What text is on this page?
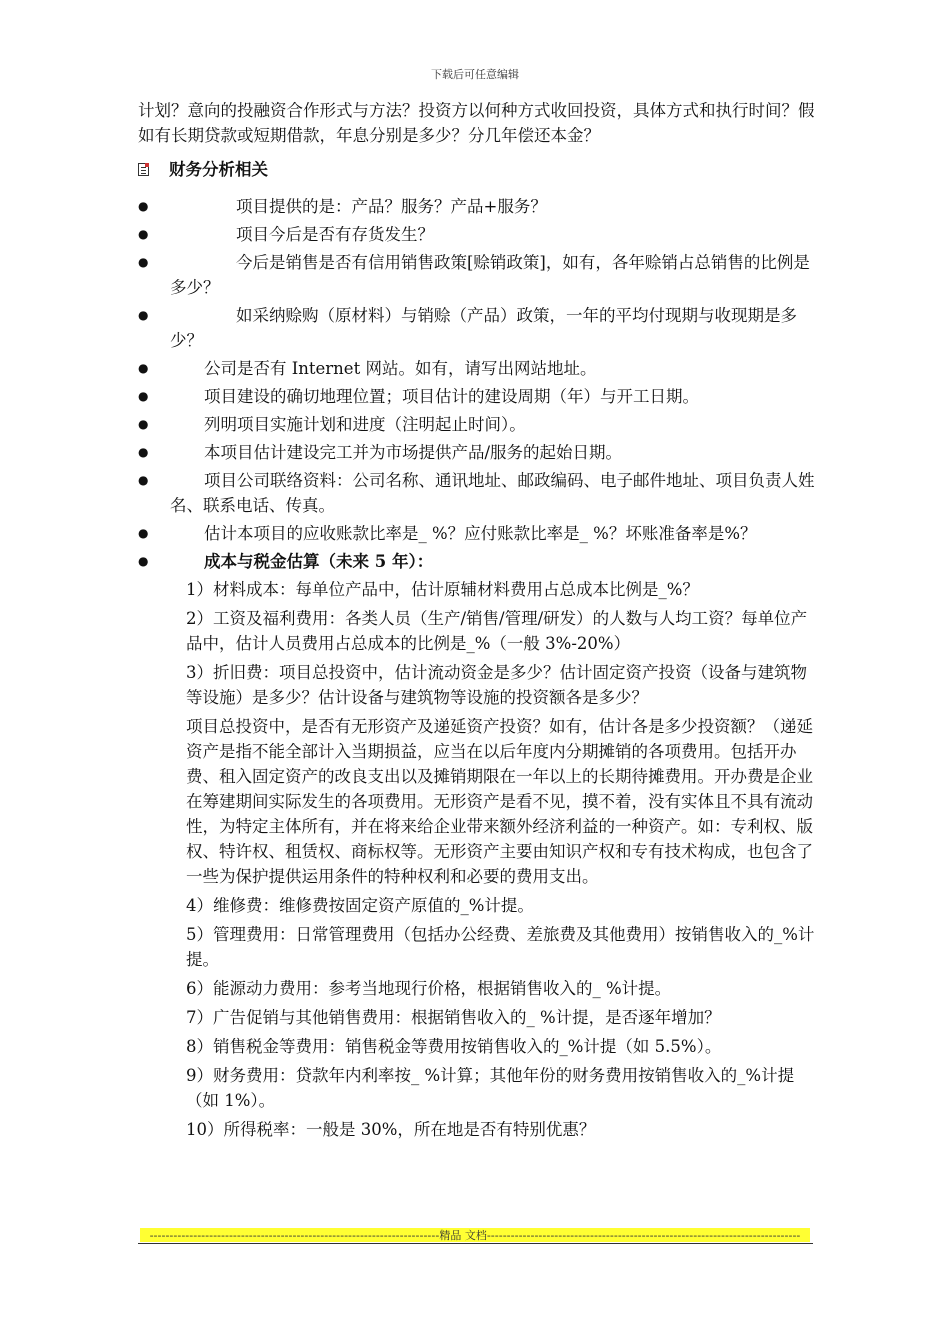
下载后可任意编辑

计划？意向的投融资合作形式与方法？投资方以何种方式收回投资，具体方式和执行时间？假如有长期贷款或短期借款，年息分别是多少？分几年偿还本金？

财务分析相关
●	项目提供的是：产品？服务？产品+服务？
●	项目今后是否有存货发生？
●	今后是销售是否有信用销售政策[赊销政策]，如有，各年赊销占总销售的比例是多少？
●	如采纳赊购（原材料）与销赊（产品）政策，一年的平均付现期与收现期是多少？
●	公司是否有 Internet 网站。如有，请写出网站地址。
●	项目建设的确切地理位置；项目估计的建设周期（年）与开工日期。
●	列明项目实施计划和进度（注明起止时间）。
●	本项目估计建设完工并为市场提供产品/服务的起始日期。
●	项目公司联络资料：公司名称、通讯地址、邮政编码、电子邮件地址、项目负责人姓名、联系电话、传真。
●	估计本项目的应收账款比率是_ %？应付账款比率是_ %？坏账准备率是%？
●	成本与税金估算（未来 5 年）：
1）材料成本：每单位产品中，估计原辅材料费用占总成本比例是_%？
2）工资及福利费用：各类人员（生产/销售/管理/研发）的人数与人均工资？每单位产品中，估计人员费用占总成本的比例是_%（一般 3%-20%）
3）折旧费：项目总投资中，估计流动资金是多少？估计固定资产投资（设备与建筑物等设施）是多少？估计设备与建筑物等设施的投资额各是多少？
项目总投资中，是否有无形资产及递延资产投资？如有，估计各是多少投资额？（递延资产是指不能全部计入当期损益，应当在以后年度内分期摊销的各项费用。包括开办费、租入固定资产的改良支出以及摊销期限在一年以上的长期待摊费用。开办费是企业在筹建期间实际发生的各项费用。无形资产是看不见，摸不着，没有实体且不具有流动性，为特定主体所有，并在将来给企业带来额外经济利益的一种资产。如：专利权、版权、特许权、租赁权、商标权等。无形资产主要由知识产权和专有技术构成，也包含了一些为保护提供运用条件的特种权利和必要的费用支出。
4）维修费：维修费按固定资产原值的_%计提。
5）管理费用：日常管理费用（包括办公经费、差旅费及其他费用）按销售收入的_%计提。
6）能源动力费用：参考当地现行价格，根据销售收入的_ %计提。
7）广告促销与其他销售费用：根据销售收入的_ %计提，是否逐年增加？
8）销售税金等费用：销售税金等费用按销售收入的_%计提（如 5.5%）。
9）财务费用：贷款年内利率按_ %计算；其他年份的财务费用按销售收入的_%计提（如 1%）。
10）所得税率：一般是 30%，所在地是否有特别优惠？
-------------------------------------------------------------------------精品 文档-------------------------------------------------------------------------------
